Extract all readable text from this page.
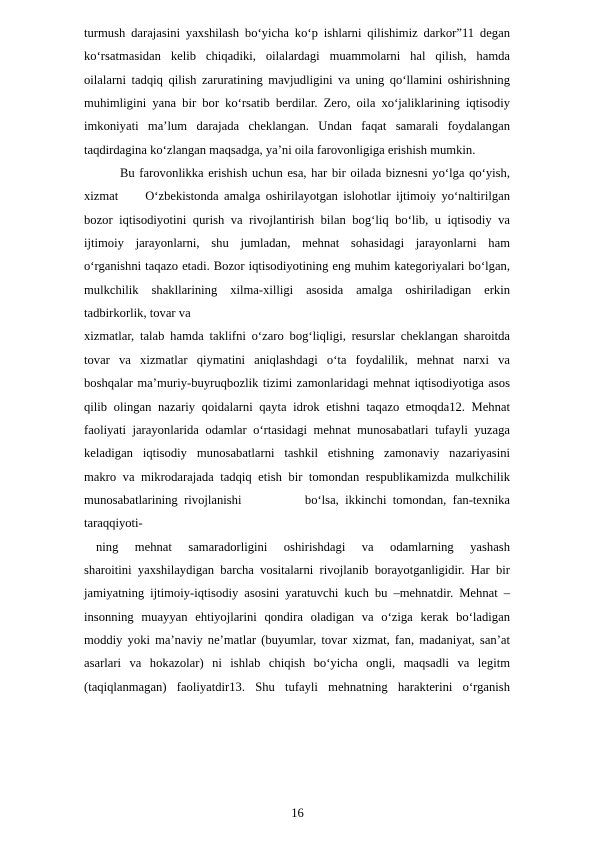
turmush darajasini yaxshilash bo‘yicha ko‘p ishlarni qilishimiz darkor”11 degan
ko‘rsatmasidan kelib chiqadiki, oilalardagi muammolarni hal qilish, hamda
oilalarni tadqiq qilish zaruratining mavjudligini va uning qo‘llamini oshirishning
muhimligini yana bir bor ko‘rsatib berdilar. Zero, oila xo‘jaliklarining iqtisodiy
imkoniyati ma’lum darajada cheklangan. Undan faqat samarali foydalangan
taqdirdagina ko‘zlangan maqsadga, ya’ni oila farovonligiga erishish mumkin.
Bu farovonlikka erishish uchun esa, har bir oilada biznesni yo‘lga qo‘yish,
xizmat     O‘zbekistonda amalga oshirilayotgan islohotlar ijtimoiy yo‘naltirilgan
bozor iqtisodiyotini qurish va rivojlantirish bilan bog‘liq bo‘lib, u iqtisodiy va
ijtimoiy jarayonlarni, shu jumladan, mehnat sohasidagi jarayonlarni ham
o‘rganishni taqazo etadi. Bozor iqtisodiyotining eng muhim kategoriyalari bo‘lgan,
mulkchilik shakllarining xilma-xilligi asosida amalga oshiriladigan erkin
tadbirkorlik, tovar va
xizmatlar, talab hamda taklifni o‘zaro bog‘liqligi, resurslar cheklangan sharoitda
tovar va xizmatlar qiymatini aniqlashdagi o‘ta foydalilik, mehnat narxi va
boshqalar ma’muriy-buyruqbozlik tizimi zamonlaridagi mehnat iqtisodiyotiga asos
qilib olingan nazariy qoidalarni qayta idrok etishni taqazo etmoqda12. Mehnat
faoliyati jarayonlarida odamlar o‘rtasidagi mehnat munosabatlari tufayli yuzaga
keladigan iqtisodiy munosabatlarni tashkil etishning zamonaviy nazariyasini
makro va mikrodarajada tadqiq etish bir tomondan respublikamizda mulkchilik
munosabatlarining rivojlanishi          bo‘lsa, ikkinchi tomondan, fan-texnika
taraqqiyoti-
ning mehnat samaradorligini oshirishdagi va odamlarning yashash
sharoitini yaxshilaydigan barcha vositalarni rivojlanib borayotganligidir. Har bir
jamiyatning ijtimoiy-iqtisodiy asosini yaratuvchi kuch bu –mehnatdir. Mehnat –
insonning muayyan ehtiyojlarini qondira oladigan va o‘ziga kerak bo‘ladigan
moddiy yoki ma’naviy ne’matlar (buyumlar, tovar xizmat, fan, madaniyat, san’at
asarlari va hokazolar) ni ishlab chiqish bo‘yicha ongli, maqsadli va legitm
(taqiqlanmagan) faoliyatdir13. Shu tufayli mehnatning harakterini o‘rganish
16
